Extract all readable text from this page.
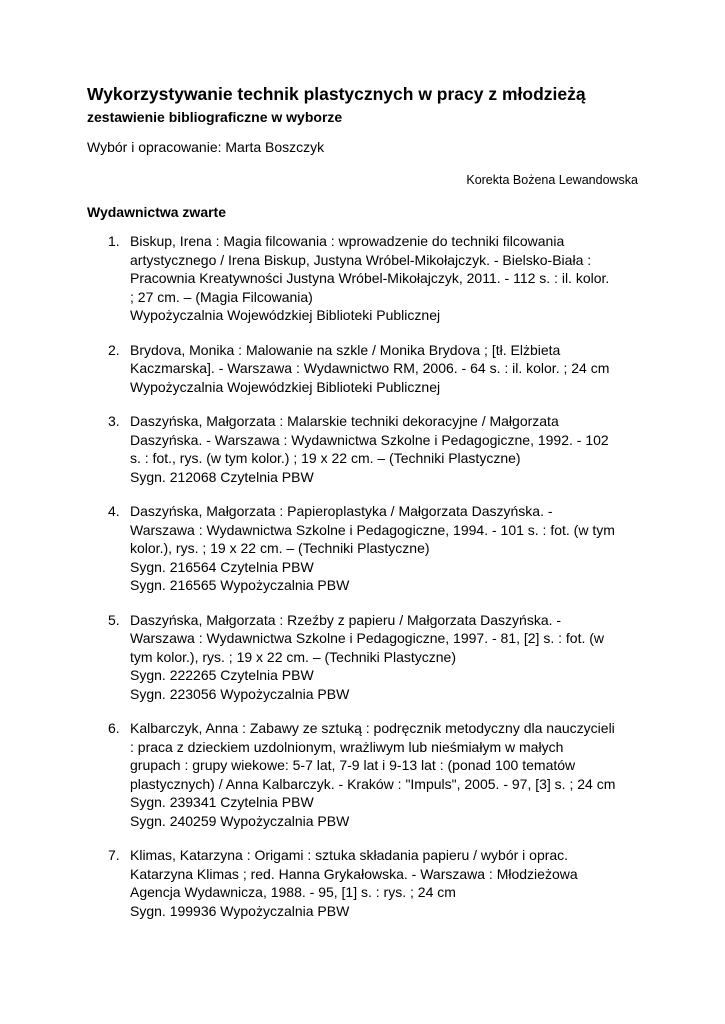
Wykorzystywanie technik plastycznych w pracy z młodzieżą
zestawienie bibliograficzne w wyborze
Wybór i opracowanie: Marta Boszczyk
Korekta Bożena Lewandowska
Wydawnictwa zwarte
1. Biskup, Irena : Magia filcowania : wprowadzenie do techniki filcowania
artystycznego / Irena Biskup, Justyna Wróbel-Mikołajczyk. - Bielsko-Biała :
Pracownia Kreatywności Justyna Wróbel-Mikołajczyk, 2011. - 112 s. : il. kolor.
; 27 cm. – (Magia Filcowania)
Wypożyczalnia Wojewódzkiej Biblioteki Publicznej
2. Brydova, Monika : Malowanie na szkle / Monika Brydova ; [tł. Elżbieta
Kaczmarska]. - Warszawa : Wydawnictwo RM, 2006. - 64 s. : il. kolor. ; 24 cm
Wypożyczalnia Wojewódzkiej Biblioteki Publicznej
3. Daszyńska, Małgorzata : Malarskie techniki dekoracyjne / Małgorzata
Daszyńska. - Warszawa : Wydawnictwa Szkolne i Pedagogiczne, 1992. - 102
s. : fot., rys. (w tym kolor.) ; 19 x 22 cm. – (Techniki Plastyczne)
Sygn. 212068 Czytelnia PBW
4. Daszyńska, Małgorzata : Papieroplastyka / Małgorzata Daszyńska. -
Warszawa : Wydawnictwa Szkolne i Pedagogiczne, 1994. - 101 s. : fot. (w tym
kolor.), rys. ; 19 x 22 cm. – (Techniki Plastyczne)
Sygn. 216564 Czytelnia PBW
Sygn. 216565 Wypożyczalnia PBW
5. Daszyńska, Małgorzata : Rzeźby z papieru / Małgorzata Daszyńska. -
Warszawa : Wydawnictwa Szkolne i Pedagogiczne, 1997. - 81, [2] s. : fot. (w
tym kolor.), rys. ; 19 x 22 cm. – (Techniki Plastyczne)
Sygn. 222265 Czytelnia PBW
Sygn. 223056 Wypożyczalnia PBW
6. Kalbarczyk, Anna : Zabawy ze sztuką : podręcznik metodyczny dla nauczycieli
: praca z dzieckiem uzdolnionym, wrażliwym lub nieśmiałym w małych
grupach : grupy wiekowe: 5-7 lat, 7-9 lat i 9-13 lat : (ponad 100 tematów
plastycznych) / Anna Kalbarczyk. - Kraków : "Impuls", 2005. - 97, [3] s. ; 24 cm
Sygn. 239341 Czytelnia PBW
Sygn. 240259 Wypożyczalnia PBW
7. Klimas, Katarzyna : Origami : sztuka składania papieru / wybór i oprac.
Katarzyna Klimas ; red. Hanna Grykałowska. - Warszawa : Młodzieżowa
Agencja Wydawnicza, 1988. - 95, [1] s. : rys. ; 24 cm
Sygn. 199936 Wypożyczalnia PBW
